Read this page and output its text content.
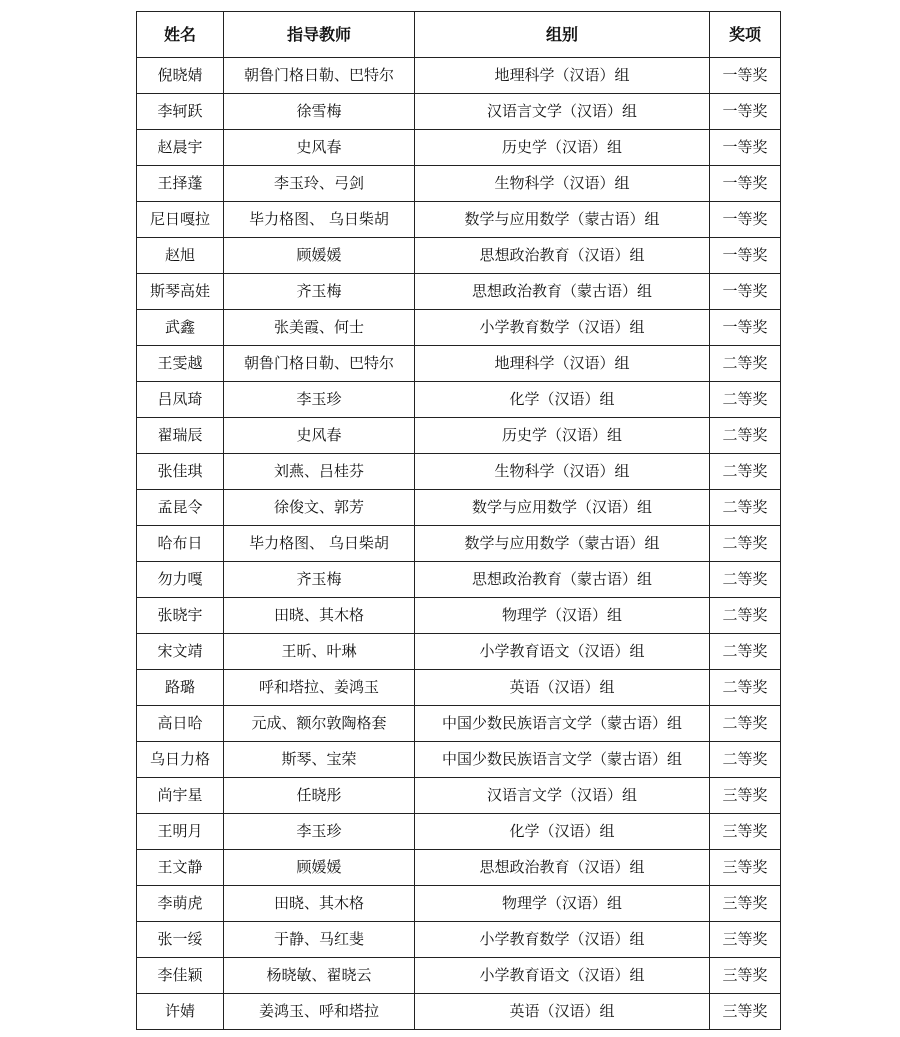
姓名	指导教师	组别	奖项
倪晓婧	朝鲁门格日勒、巴特尔	地理科学（汉语）组	一等奖
李轲跃	徐雪梅	汉语言文学（汉语）组	一等奖
赵晨宇	史风春	历史学（汉语）组	一等奖
王择蓬	李玉玲、弓剑	生物科学（汉语）组	一等奖
尼日嘎拉	毕力格图、 乌日柴胡	数学与应用数学（蒙古语）组	一等奖
赵旭	顾媛媛	思想政治教育（汉语）组	一等奖
斯琴高娃	齐玉梅	思想政治教育（蒙古语）组	一等奖
武鑫	张美霞、何士	小学教育数学（汉语）组	一等奖
王雯越	朝鲁门格日勒、巴特尔	地理科学（汉语）组	二等奖
吕凤琦	李玉珍	化学（汉语）组	二等奖
翟瑞辰	史风春	历史学（汉语）组	二等奖
张佳琪	刘燕、吕桂芬	生物科学（汉语）组	二等奖
孟昆令	徐俊文、郭芳	数学与应用数学（汉语）组	二等奖
哈布日	毕力格图、 乌日柴胡	数学与应用数学（蒙古语）组	二等奖
勿力嘎	齐玉梅	思想政治教育（蒙古语）组	二等奖
张晓宇	田晓、其木格	物理学（汉语）组	二等奖
宋文靖	王昕、叶琳	小学教育语文（汉语）组	二等奖
路璐	呼和塔拉、姜鸿玉	英语（汉语）组	二等奖
高日哈	元成、额尔敦陶格套	中国少数民族语言文学（蒙古语）组	二等奖
乌日力格	斯琴、宝荣	中国少数民族语言文学（蒙古语）组	二等奖
尚宇星	任晓彤	汉语言文学（汉语）组	三等奖
王明月	李玉珍	化学（汉语）组	三等奖
王文静	顾媛媛	思想政治教育（汉语）组	三等奖
李萌虎	田晓、其木格	物理学（汉语）组	三等奖
张一绥	于静、马红斐	小学教育数学（汉语）组	三等奖
李佳颖	杨晓敏、翟晓云	小学教育语文（汉语）组	三等奖
许婧	姜鸿玉、呼和塔拉	英语（汉语）组	三等奖
